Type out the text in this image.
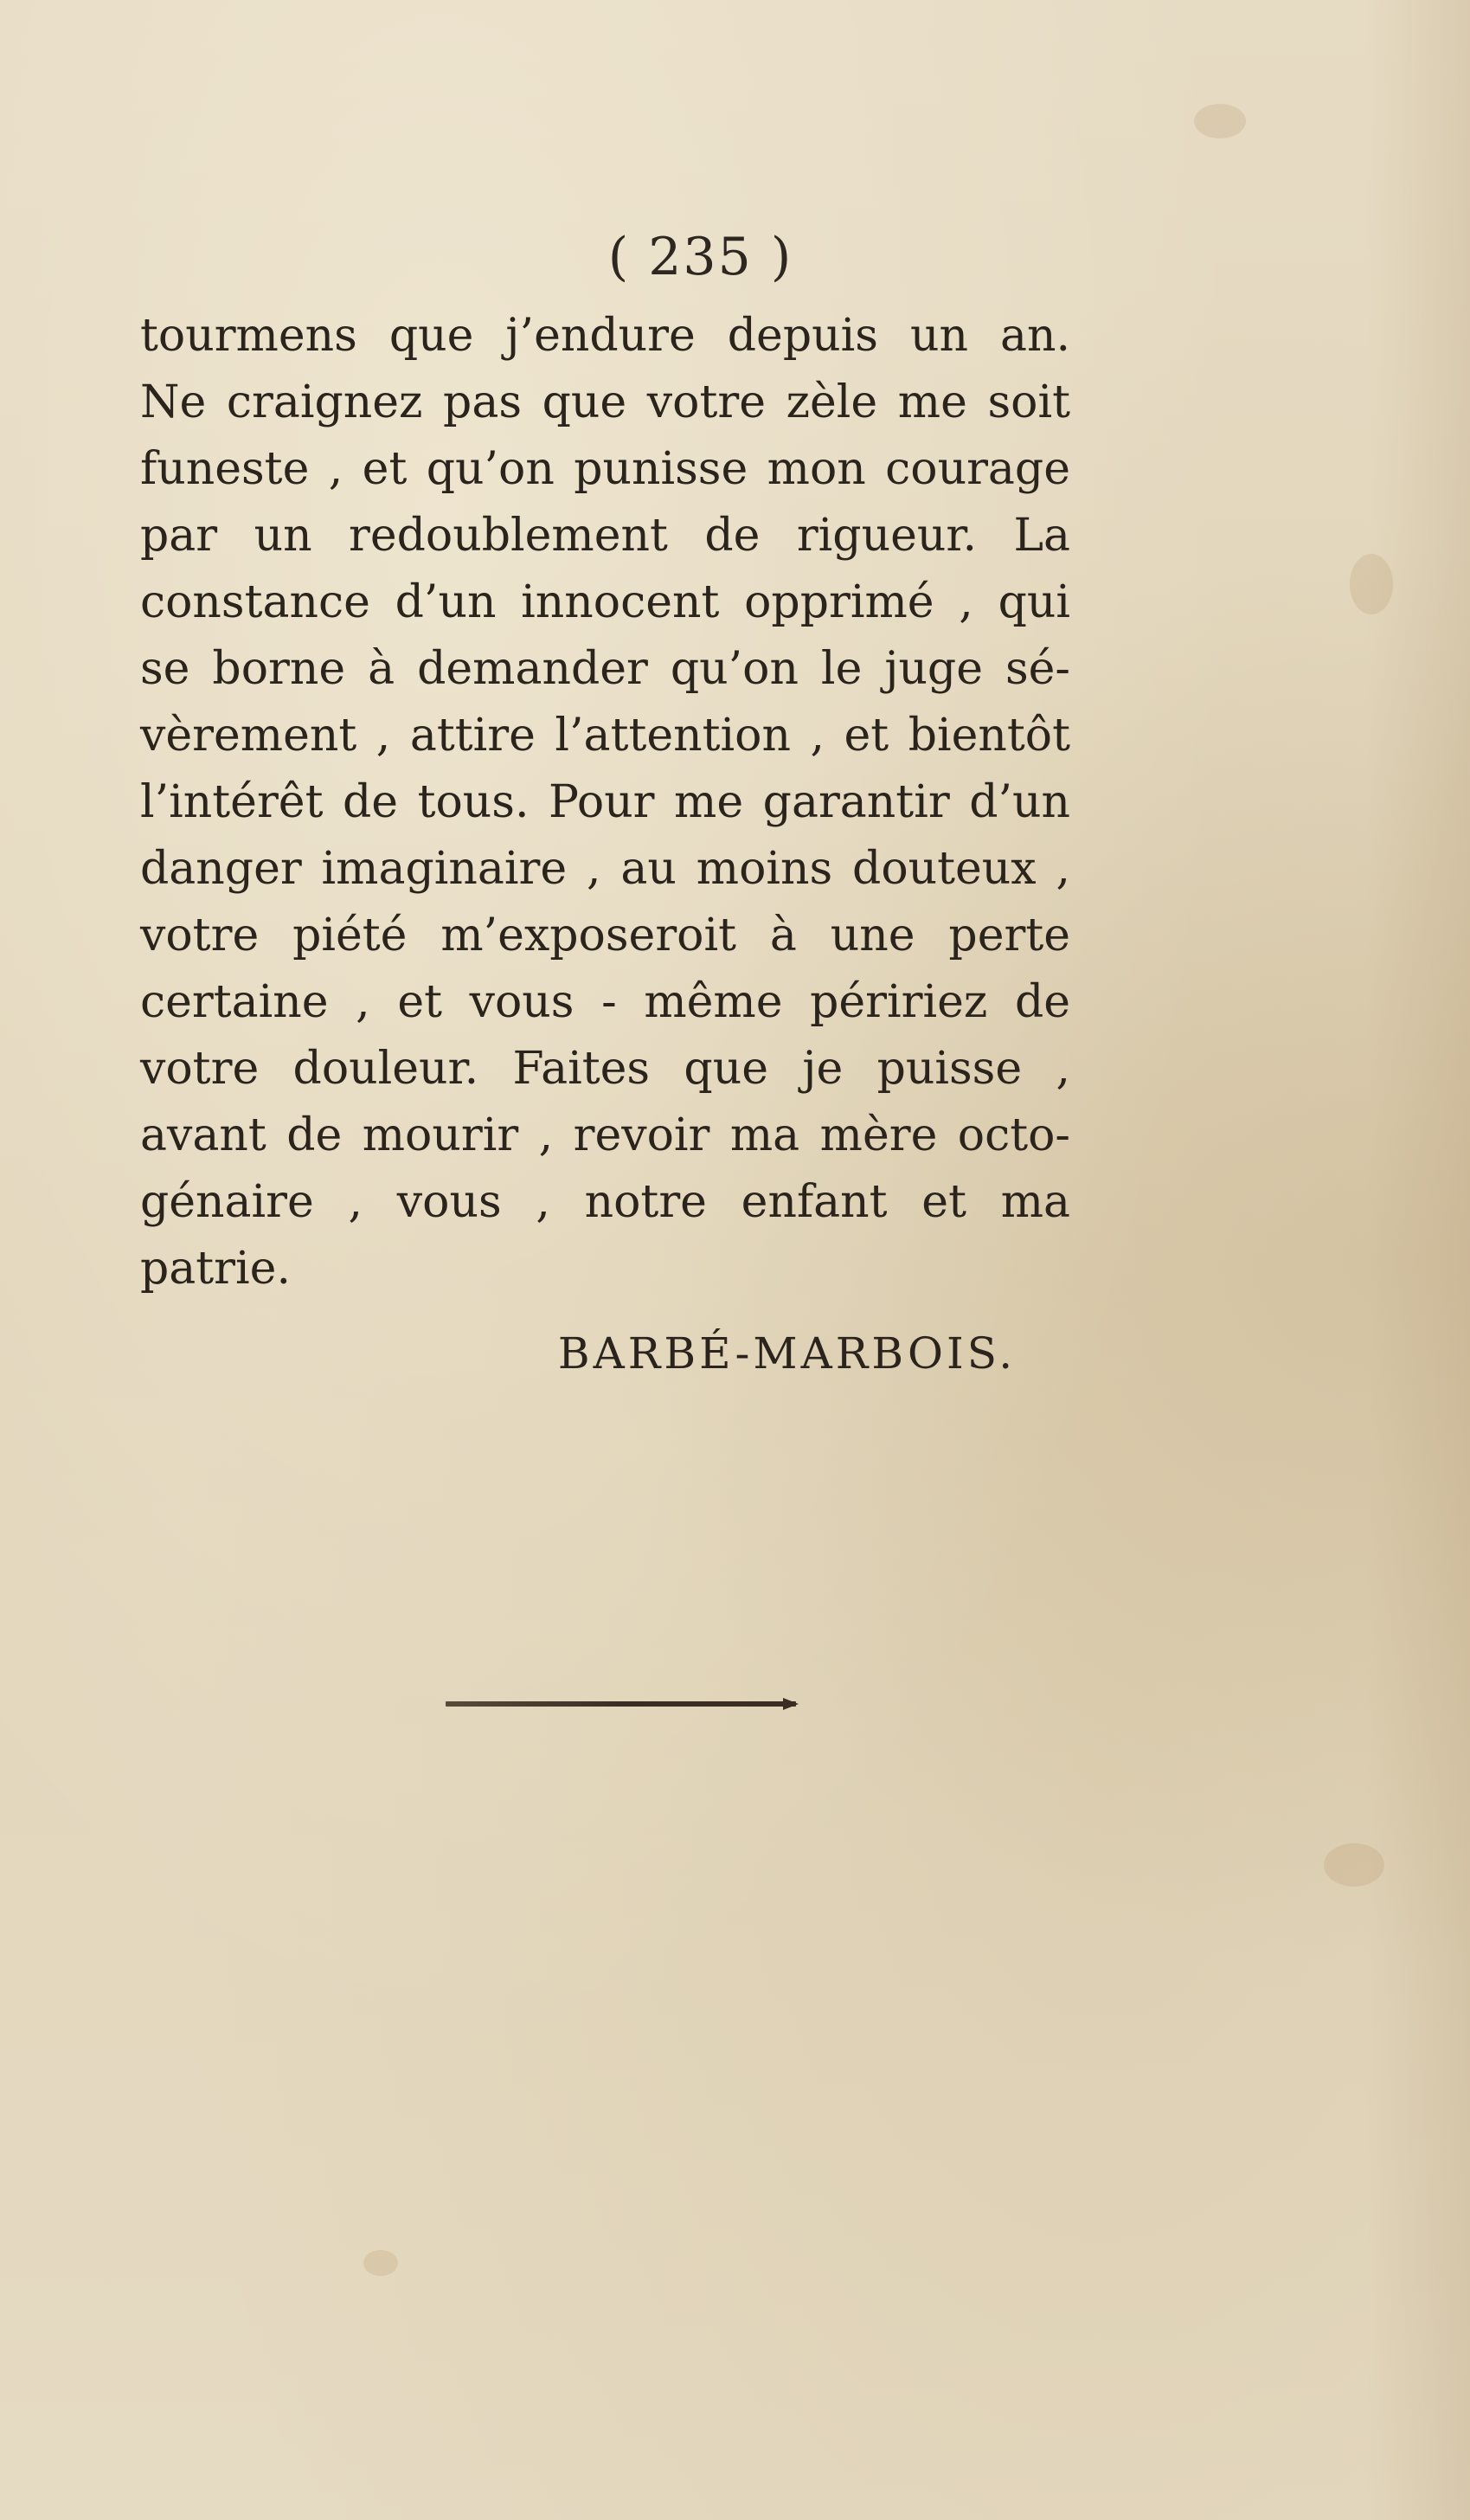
( 235 )
tourmens que j’endure depuis un an.
Ne craignez pas que votre zèle me soit
funeste , et qu’on punisse mon courage
par un redoublement de rigueur. La
constance d’un innocent opprimé , qui
se borne à demander qu’on le juge sé-
vèrement , attire l’attention , et bientôt
l’intérêt de tous. Pour me garantir d’un
danger imaginaire , au moins douteux ,
votre piété m’exposeroit à une perte
certaine , et vous - même péririez de
votre douleur. Faites que je puisse ,
avant de mourir , revoir ma mère octo-
génaire , vous , notre enfant et ma
patrie.
BARBÉ-MARBOIS.
